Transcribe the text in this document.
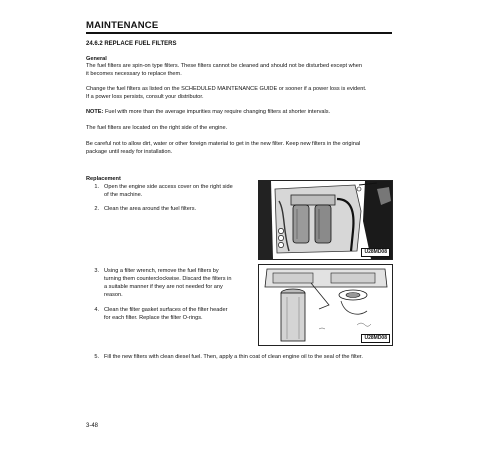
MAINTENANCE
24.6.2 REPLACE FUEL FILTERS
General
The fuel filters are spin-on type filters. These filters cannot be cleaned and should not be disturbed except when
it becomes necessary to replace them.
Change the fuel filters as listed on the SCHEDULED MAINTENANCE GUIDE or sooner if a power loss is evident.
If a power loss persists, consult your distributor.
NOTE: Fuel with more than the average impurities may require changing filters at shorter intervals.
The fuel filters are located on the right side of the engine.
Be careful not to allow dirt, water or other foreign material to get in the new filter. Keep new filters in the original
package until ready for installation.
Replacement
1. Open the engine side access cover on the right side
of the machine.
2. Clean the area around the fuel filters.
3. Using a filter wrench, remove the fuel filters by
turning them counterclockwise. Discard the filters in
a suitable manner if they are not needed for any
reason.
4. Clean the filter gasket surfaces of the filter header
for each filter. Replace the filter O-rings.
5. Fill the new filters with clean diesel fuel. Then, apply a thin coat of clean engine oil to the seal of the filter.
U28MD08
U28MD08
3-48
